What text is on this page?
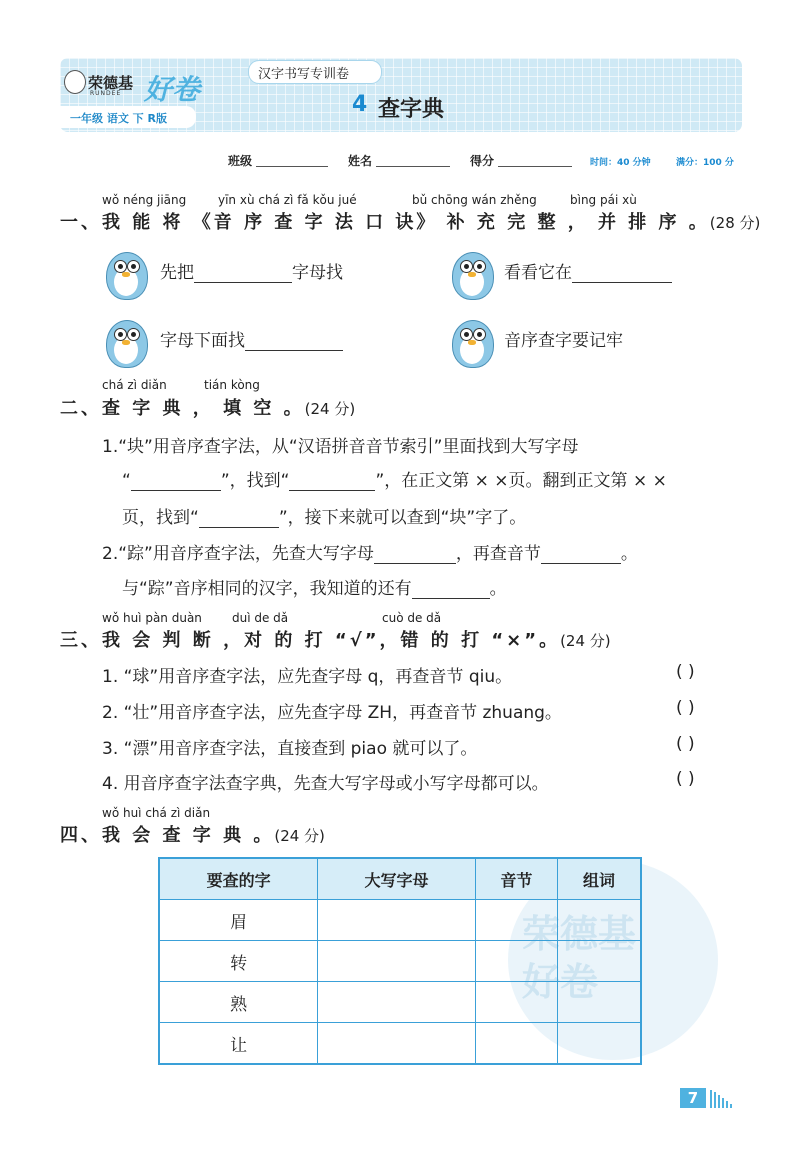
荣德基
RUNDEE 好卷
一年级 语文 下 R版
汉字书写专训卷
4 查字典
班级	姓名	得分	时间：40 分钟	满分：100 分
wǒ néng jiāng	yīn xù chá zì fǎ kǒu jué	bǔ chōng wán zhěng	bìng pái xù
一、我 能 将 《音 序 查 字 法 口 诀》 补 充 完 整 ， 并 排 序 。(28 分)
先把	字母找	看看它在
字母下面找	音序查字要记牢
chá zì diǎn	tián kòng
二、查 字 典 ， 填 空 。(24 分)
1.“块”用音序查字法，从“汉语拼音音节索引”里面找到大写字母
“	”，找到“	”，在正文第 × ×页。翻到正文第 × ×
页，找到“	”，接下来就可以查到“块”字了。
2.“踪”用音序查字法，先查大写字母	，再查音节	。
与“踪”音序相同的汉字，我知道的还有	。
wǒ huì pàn duàn	duì de dǎ	cuò de dǎ
三、我 会 判 断 ，对 的 打 “√”，错 的 打 “×”。(24 分)
1. “球”用音序查字法，应先查字母 q，再查音节 qiu。	( )
2. “壮”用音序查字法，应先查字母 ZH，再查音节 zhuang。	( )
3. “漂”用音序查字法，直接查到 piao 就可以了。	( )
4. 用音序查字法查字典，先查大写字母或小写字母都可以。	( )
荣德基
好卷
wǒ huì chá zì diǎn
四、我 会 查 字 典 。(24 分)
要查的字	大写字母	音节	组词
眉			
转			
熟			
让			
7
